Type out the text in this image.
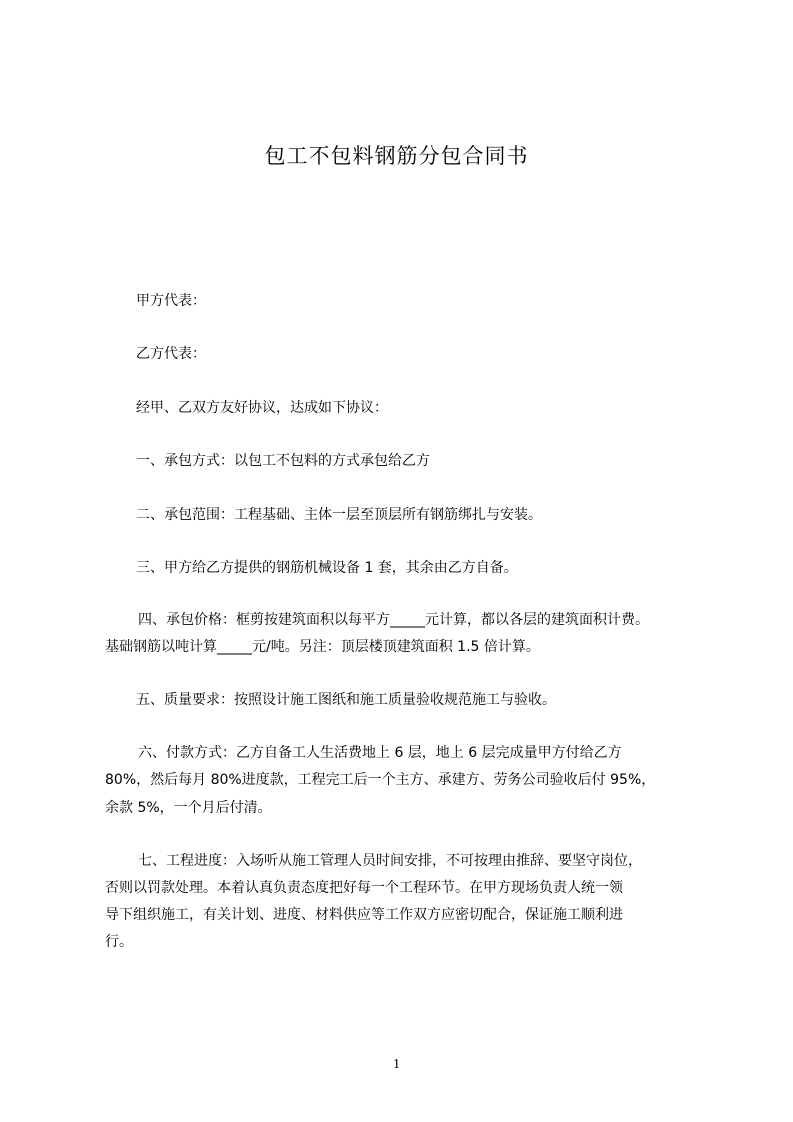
包工不包料钢筋分包合同书
甲方代表：
乙方代表：
经甲、乙双方友好协议，达成如下协议：
一、承包方式：以包工不包料的方式承包给乙方
二、承包范围：工程基础、主体一层至顶层所有钢筋绑扎与安装。
三、甲方给乙方提供的钢筋机械设备 1 套，其余由乙方自备。
四、承包价格：框剪按建筑面积以每平方_____元计算，都以各层的建筑面积计费。
基础钢筋以吨计算_____元/吨。另注：顶层楼顶建筑面积 1.5 倍计算。
五、质量要求：按照设计施工图纸和施工质量验收规范施工与验收。
六、付款方式：乙方自备工人生活费地上 6 层，地上 6 层完成量甲方付给乙方
80%，然后每月 80%进度款，工程完工后一个主方、承建方、劳务公司验收后付 95%，
余款 5%，一个月后付清。
七、工程进度：入场听从施工管理人员时间安排，不可按理由推辞、要坚守岗位，
否则以罚款处理。本着认真负责态度把好每一个工程环节。在甲方现场负责人统一领
导下组织施工，有关计划、进度、材料供应等工作双方应密切配合，保证施工顺利进
行。
1
